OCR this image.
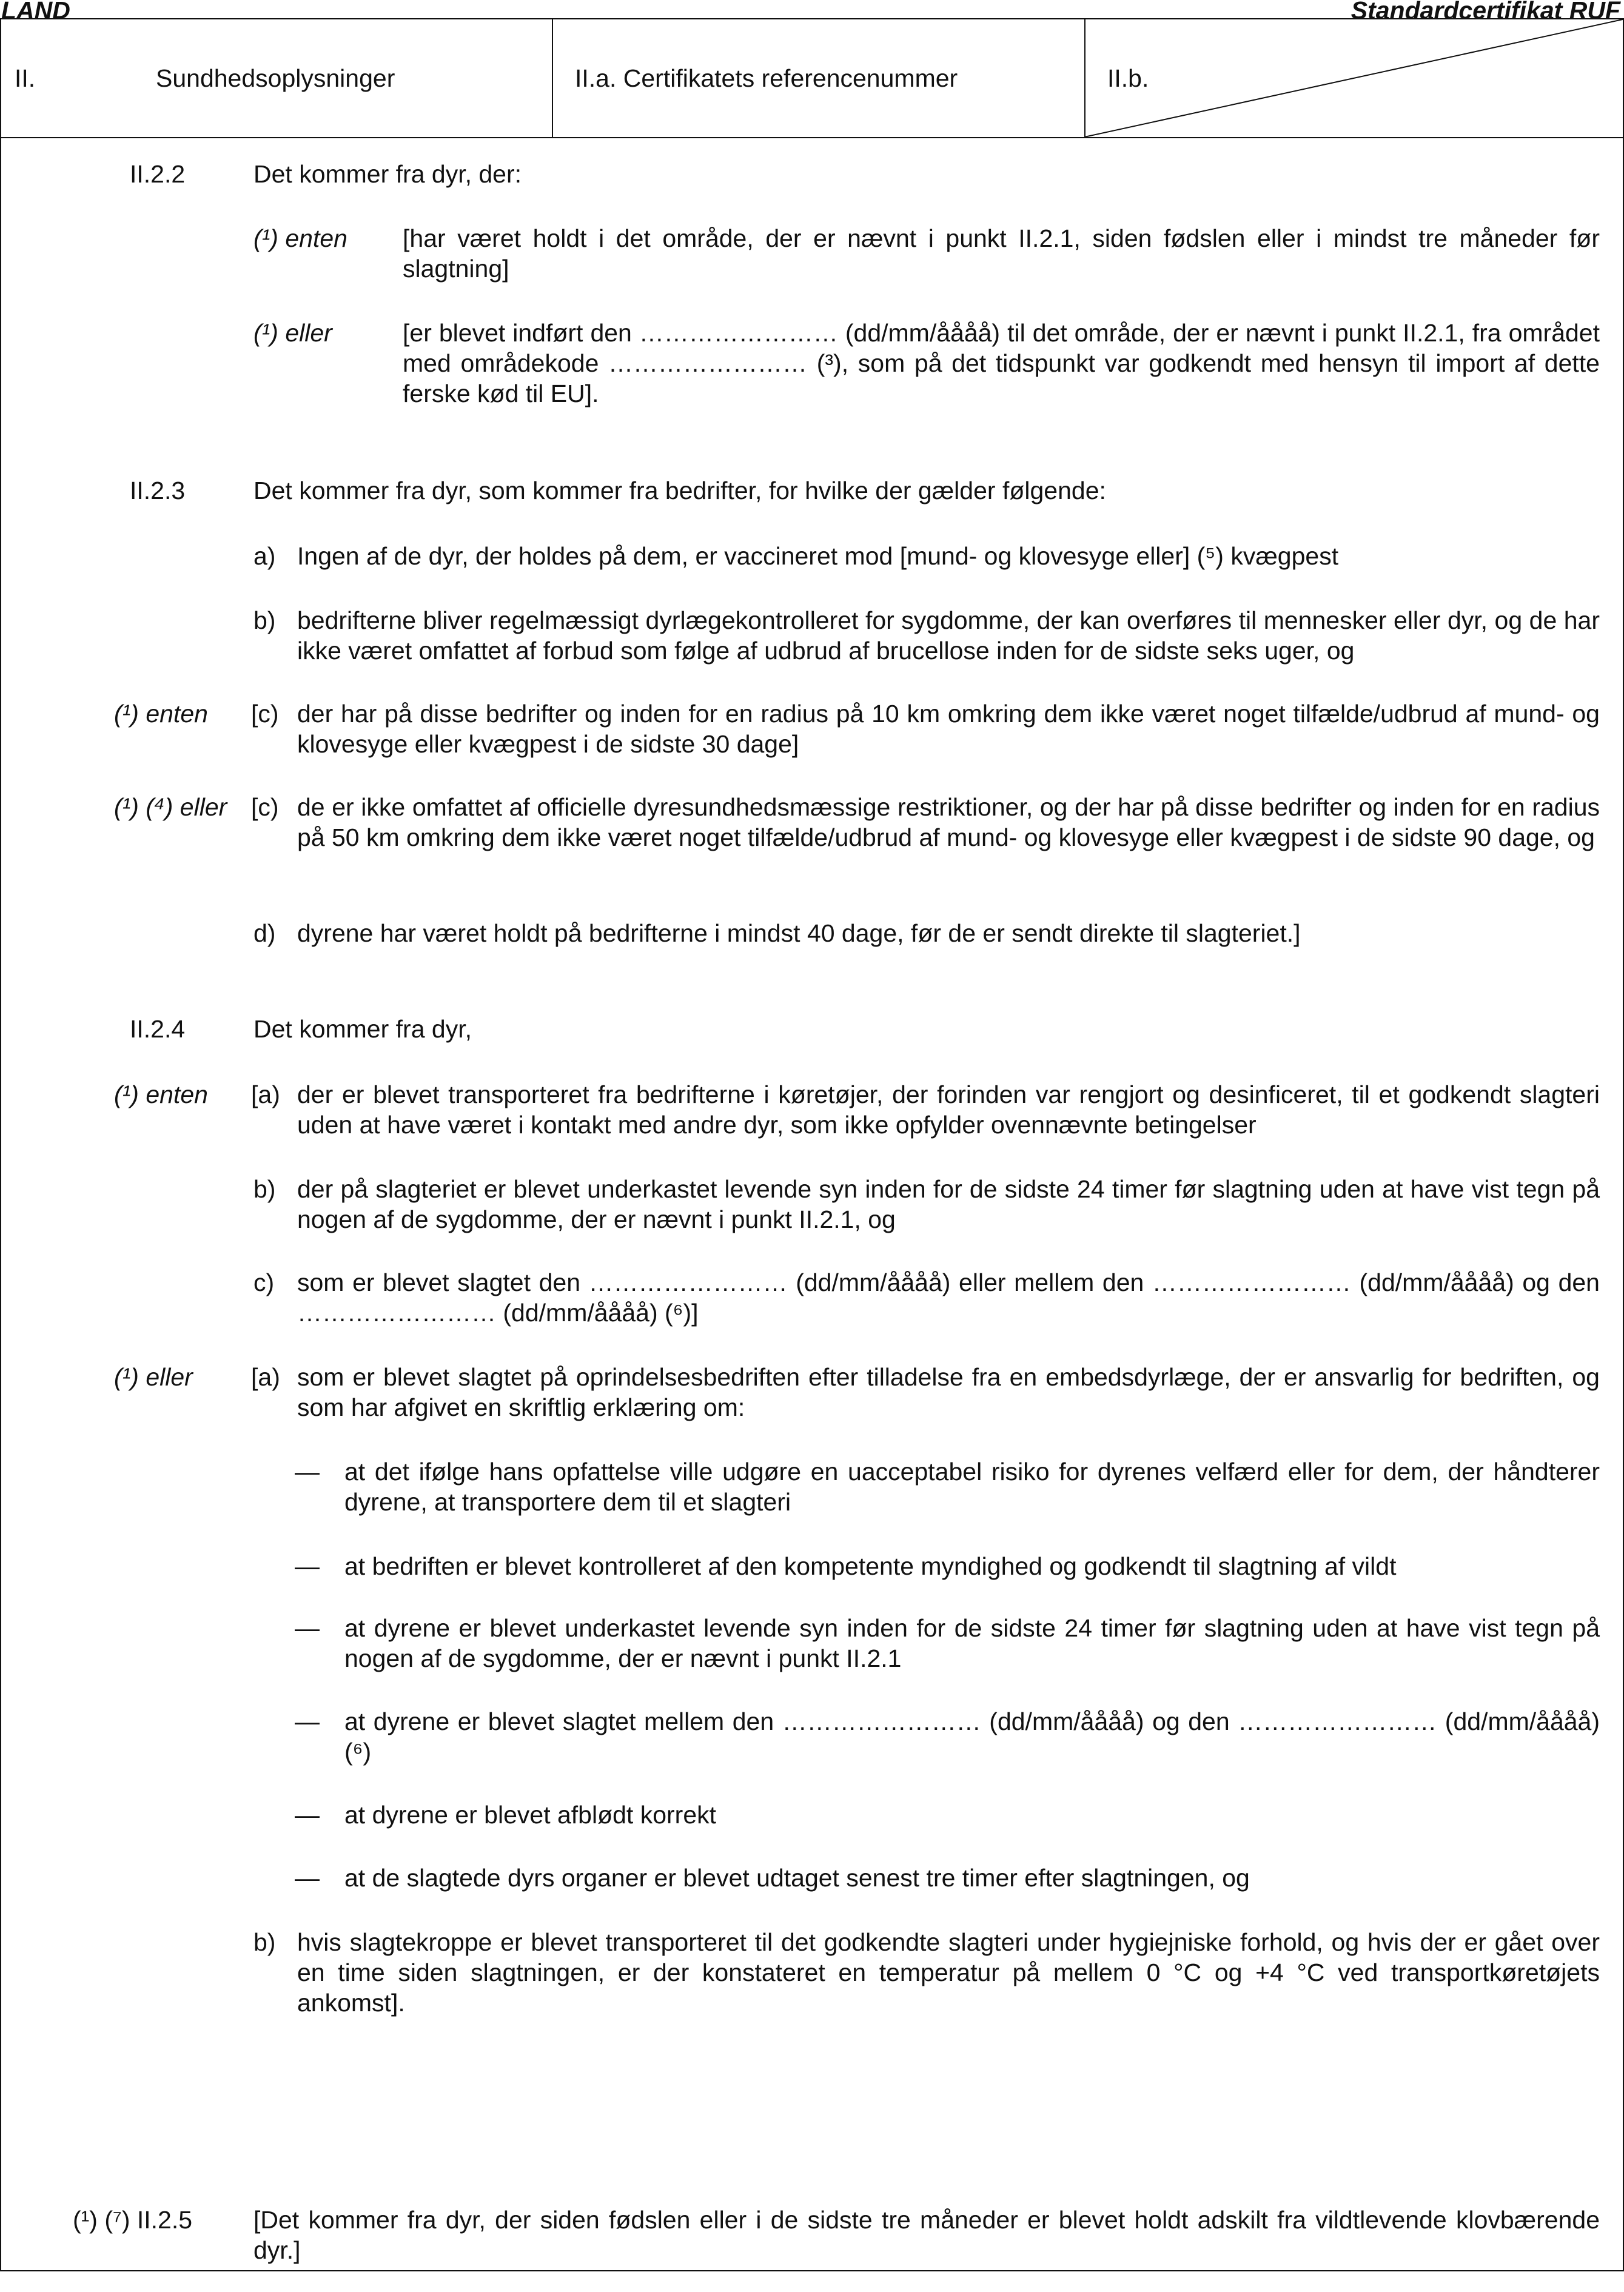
LAND	Standardcertifikat RUF
II.	Sundhedsoplysninger	II.a. Certifikatets referencenummer	II.b.
II.2.2	Det kommer fra dyr, der:
(¹) enten [har været holdt i det område, der er nævnt i punkt II.2.1, siden fødslen eller i mindst tre måneder før slagtning]
(¹) eller	[er blevet indført den …………………… (dd/mm/åååå) til det område, der er nævnt i punkt II.2.1, fra området med områdekode …………………… (³), som på det tidspunkt var godkendt med hensyn til import af dette ferske kød til EU].
II.2.3	Det kommer fra dyr, som kommer fra bedrifter, for hvilke der gælder følgende:
a) Ingen af de dyr, der holdes på dem, er vaccineret mod [mund- og klovesyge eller] (⁵) kvægpest
b) bedrifterne bliver regelmæssigt dyrlægekontrolleret for sygdomme, der kan overføres til mennesker eller dyr, og de har ikke været omfattet af forbud som følge af udbrud af brucellose inden for de sidste seks uger, og
(¹) enten [c) der har på disse bedrifter og inden for en radius på 10 km omkring dem ikke været noget tilfælde/udbrud af mund- og klovesyge eller kvægpest i de sidste 30 dage]
(¹) (⁴) eller [c) de er ikke omfattet af officielle dyresundhedsmæssige restriktioner, og der har på disse bedrifter og inden for en radius på 50 km omkring dem ikke været noget tilfælde/udbrud af mund- og klovesyge eller kvægpest i de sidste 90 dage, og
d) dyrene har været holdt på bedrifterne i mindst 40 dage, før de er sendt direkte til slagteriet.]
II.2.4	Det kommer fra dyr,
(¹) enten [a) der er blevet transporteret fra bedrifterne i køretøjer, der forinden var rengjort og desinficeret, til et godkendt slagteri uden at have været i kontakt med andre dyr, som ikke opfylder ovennævnte betingelser
b) der på slagteriet er blevet underkastet levende syn inden for de sidste 24 timer før slagtning uden at have vist tegn på nogen af de sygdomme, der er nævnt i punkt II.2.1, og
c) som er blevet slagtet den …………………… (dd/mm/åååå) eller mellem den …………………… (dd/mm/åååå) og den …………………… (dd/mm/åååå) (⁶)]
(¹) eller [a) som er blevet slagtet på oprindelsesbedriften efter tilladelse fra en embedsdyrlæge, der er ansvarlig for bedriften, og som har afgivet en skriftlig erklæring om:
— at det ifølge hans opfattelse ville udgøre en uacceptabel risiko for dyrenes velfærd eller for dem, der håndterer dyrene, at transportere dem til et slagteri
— at bedriften er blevet kontrolleret af den kompetente myndighed og godkendt til slagtning af vildt
— at dyrene er blevet underkastet levende syn inden for de sidste 24 timer før slagtning uden at have vist tegn på nogen af de sygdomme, der er nævnt i punkt II.2.1
— at dyrene er blevet slagtet mellem den …………………… (dd/mm/åååå) og den …………………… (dd/mm/åååå) (⁶)
— at dyrene er blevet afblødt korrekt
— at de slagtede dyrs organer er blevet udtaget senest tre timer efter slagtningen, og
b) hvis slagtekroppe er blevet transporteret til det godkendte slagteri under hygiejniske forhold, og hvis der er gået over en time siden slagtningen, er der konstateret en temperatur på mellem 0 °C og +4 °C ved transportkøretøjets ankomst].
(¹) (⁷) II.2.5 [Det kommer fra dyr, der siden fødslen eller i de sidste tre måneder er blevet holdt adskilt fra vildtlevende klovbærende dyr.]
